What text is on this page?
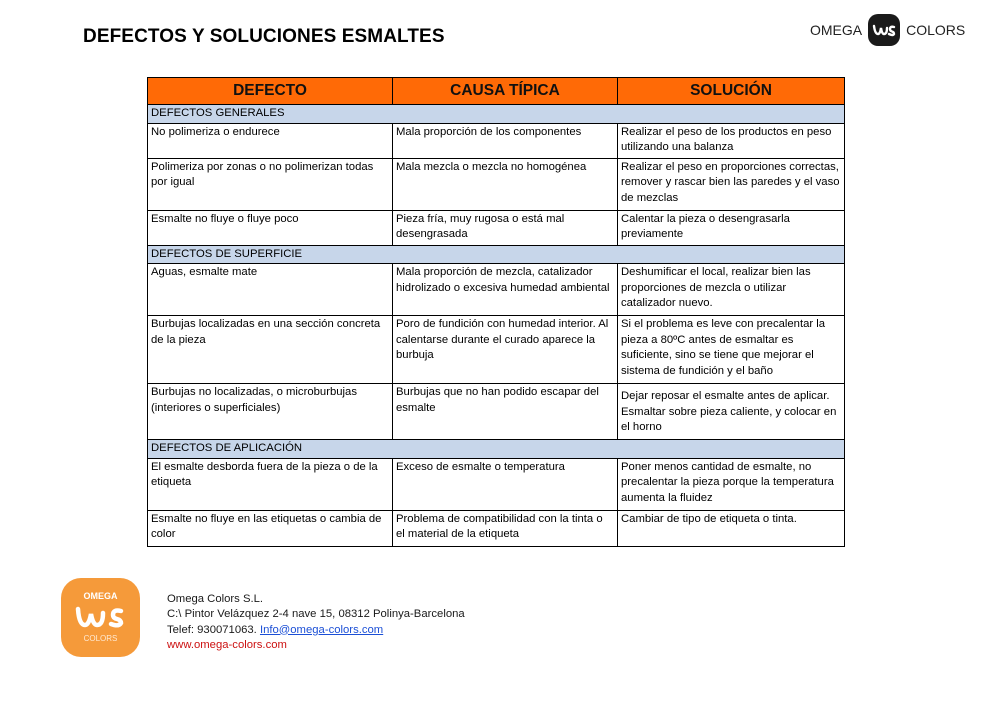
DEFECTOS Y SOLUCIONES ESMALTES	OMEGA	COLORS
DEFECTO	CAUSA TÍPICA	SOLUCIÓN
DEFECTOS GENERALES		
No polimeriza o endurece	Mala proporción de los componentes	Realizar el peso de los productos en peso utilizando una balanza
Polimeriza por zonas o no polimerizan todas por igual	Mala mezcla o mezcla no homogénea	Realizar el peso en proporciones correctas, remover y rascar bien las paredes y el vaso de mezclas
Esmalte no fluye o fluye poco	Pieza fría, muy rugosa o está mal desengrasada	Calentar la pieza o desengrasarla previamente
DEFECTOS DE SUPERFICIE		
Aguas, esmalte mate	Mala proporción de mezcla, catalizador hidrolizado o excesiva humedad ambiental	Deshumificar el local, realizar bien las proporciones de mezcla o utilizar catalizador nuevo.
Burbujas localizadas en una sección concreta de la pieza	Poro de fundición con humedad interior. Al calentarse durante el curado aparece la burbuja	Si el problema es leve con precalentar la pieza a 80ºC antes de esmaltar es suficiente, sino se tiene que mejorar el sistema de fundición y el baño
Burbujas no localizadas, o microburbujas (interiores o superficiales)	Burbujas que no han podido escapar del esmalte	Dejar reposar el esmalte antes de aplicar. Esmaltar sobre pieza caliente, y colocar en el horno
DEFECTOS DE APLICACIÓN		
El esmalte desborda fuera de la pieza o de la etiqueta	Exceso de esmalte o temperatura	Poner menos cantidad de esmalte, no precalentar la pieza porque la temperatura aumenta la fluidez
Esmalte no fluye en las etiquetas o cambia de color	Problema de compatibilidad con la tinta o el material de la etiqueta	Cambiar de tipo de etiqueta o tinta.
OMEGA
COLORS
Omega Colors S.L.
C:\ Pintor Velázquez 2-4 nave 15, 08312 Polinya-Barcelona
Telef: 930071063. Info@omega-colors.com
www.omega-colors.com
